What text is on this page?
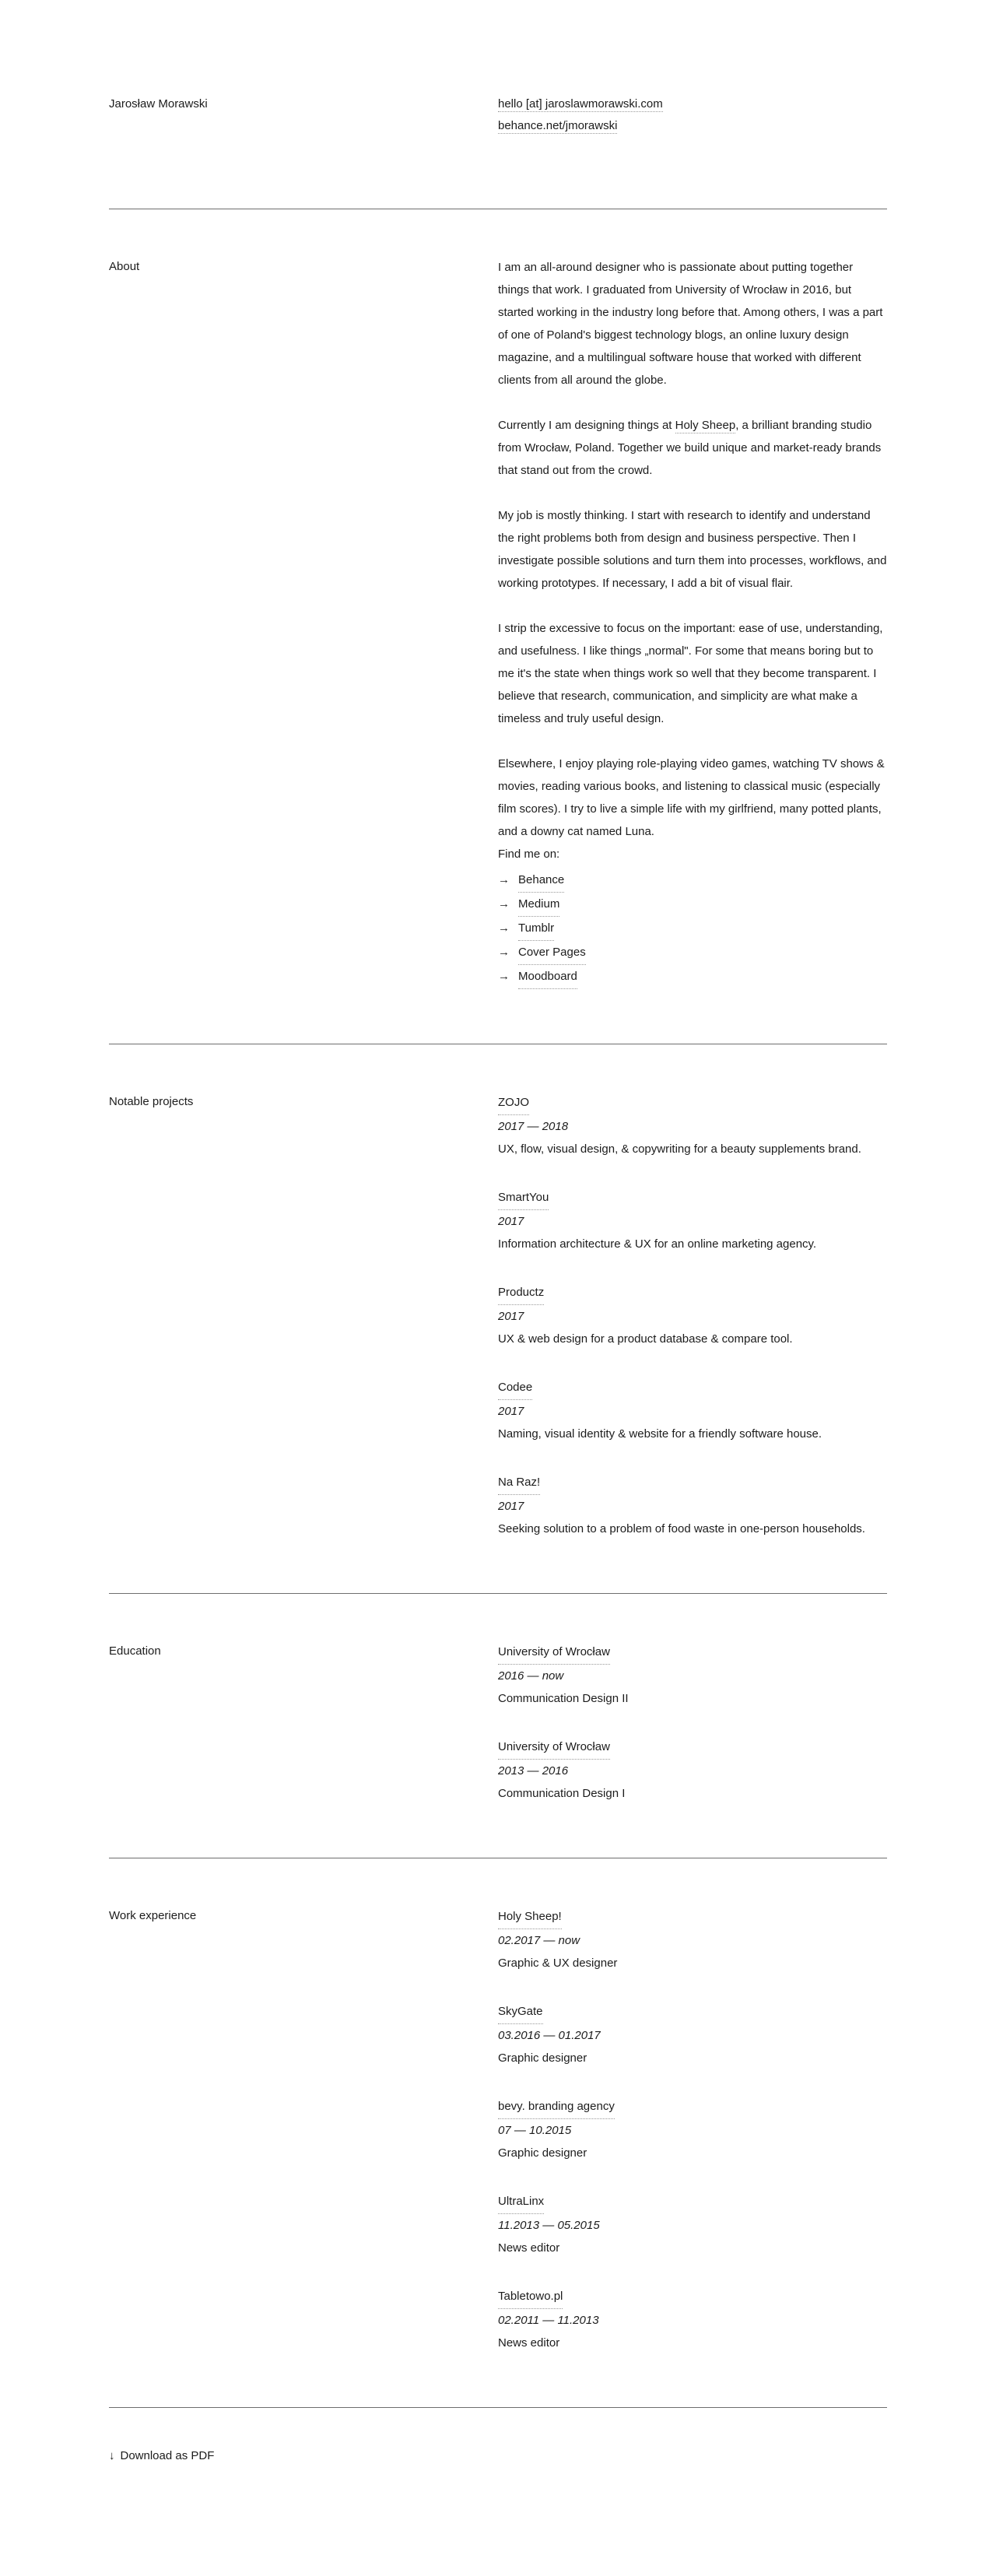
Jarosław Morawski	hello [at] jaroslawmorawski.com
behance.net/jmorawski
About	I am an all-around designer who is passionate about putting together things that work. I graduated from University of Wrocław in 2016, but started working in the industry long before that. Among others, I was a part of one of Poland's biggest technology blogs, an online luxury design magazine, and a multilingual software house that worked with different clients from all around the globe.

Currently I am designing things at Holy Sheep, a brilliant branding studio from Wrocław, Poland. Together we build unique and market-ready brands that stand out from the crowd.

My job is mostly thinking. I start with research to identify and understand the right problems both from design and business perspective. Then I investigate possible solutions and turn them into processes, workflows, and working prototypes. If necessary, I add a bit of visual flair.

I strip the excessive to focus on the important: ease of use, understanding, and usefulness. I like things „normal". For some that means boring but to me it's the state when things work so well that they become transparent. I believe that research, communication, and simplicity are what make a timeless and truly useful design.

Elsewhere, I enjoy playing role-playing video games, watching TV shows & movies, reading various books, and listening to classical music (especially film scores). I try to live a simple life with my girlfriend, many potted plants, and a downy cat named Luna.

Find me on:
→ Behance
→ Medium
→ Tumblr
→ Cover Pages
→ Moodboard
Notable projects	ZOJO
2017 — 2018
UX, flow, visual design, & copywriting for a beauty supplements brand.
SmartYou
2017
Information architecture & UX for an online marketing agency.
Productz
2017
UX & web design for a product database & compare tool.
Codee
2017
Naming, visual identity & website for a friendly software house.
Na Raz!
2017
Seeking solution to a problem of food waste in one-person households.
Education	University of Wrocław
2016 — now
Communication Design II
University of Wrocław
2013 — 2016
Communication Design I
Work experience	Holy Sheep!
02.2017 — now
Graphic & UX designer
SkyGate
03.2016 — 01.2017
Graphic designer
bevy. branding agency
07 — 10.2015
Graphic designer
UltraLinx
11.2013 — 05.2015
News editor
Tabletowo.pl
02.2011 — 11.2013
News editor
↓ Download as PDF
